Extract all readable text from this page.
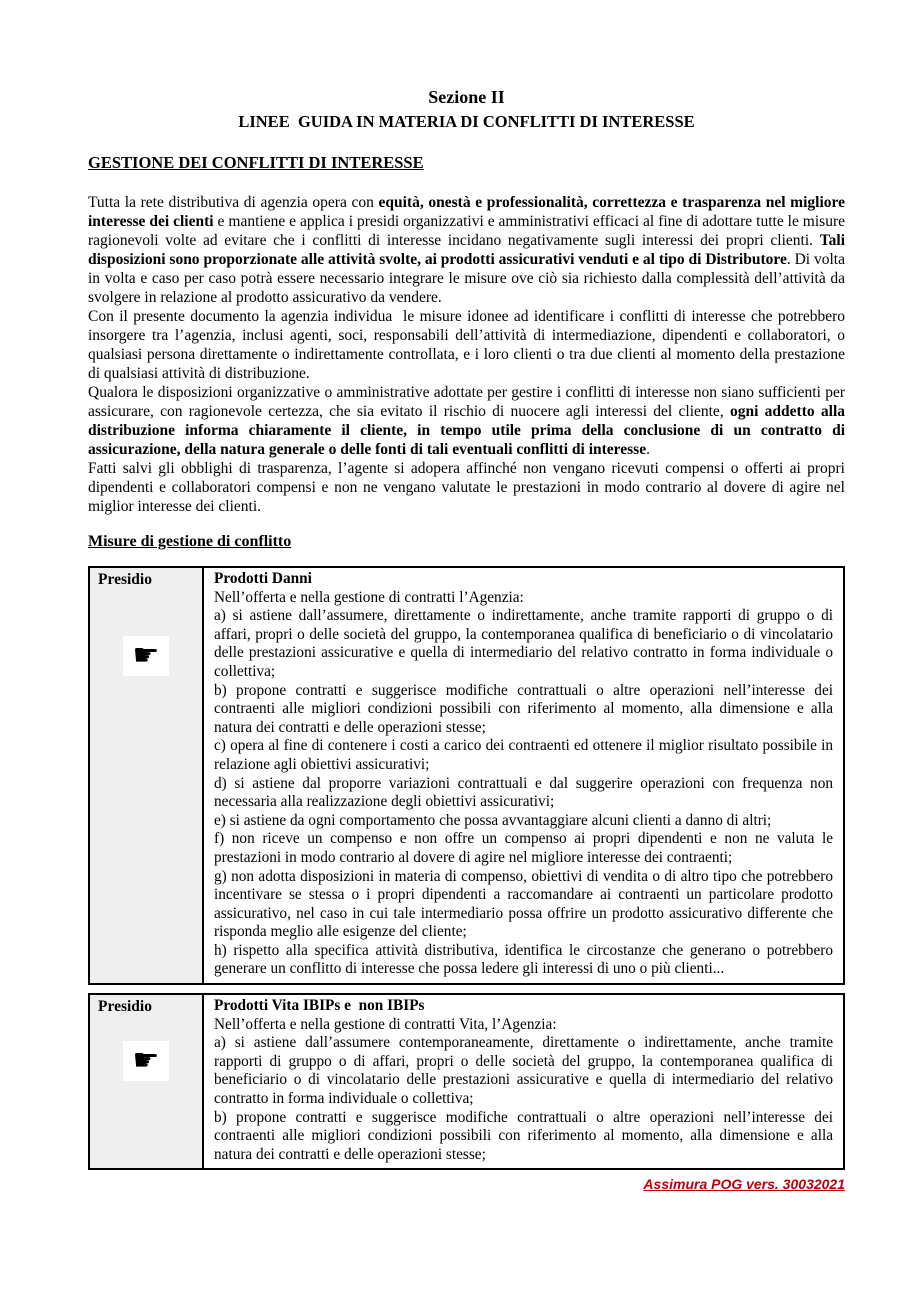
Sezione II
LINEE  GUIDA IN MATERIA DI CONFLITTI DI INTERESSE
GESTIONE DEI CONFLITTI DI INTERESSE

Tutta la rete distributiva di agenzia opera con equità, onestà e professionalità, correttezza e trasparenza nel migliore interesse dei clienti e mantiene e applica i presidi organizzativi e amministrativi efficaci al fine di adottare tutte le misure ragionevoli volte ad evitare che i conflitti di interesse incidano negativamente sugli interessi dei propri clienti. Tali disposizioni sono proporzionate alle attività svolte, ai prodotti assicurativi venduti e al tipo di Distributore. Di volta in volta e caso per caso potrà essere necessario integrare le misure ove ciò sia richiesto dalla complessità dell’attività da svolgere in relazione al prodotto assicurativo da vendere.

Con il presente documento la agenzia individua  le misure idonee ad identificare i conflitti di interesse che potrebbero insorgere tra l’agenzia, inclusi agenti, soci, responsabili dell’attività di intermediazione, dipendenti e collaboratori, o qualsiasi persona direttamente o indirettamente controllata, e i loro clienti o tra due clienti al momento della prestazione di qualsiasi attività di distribuzione.

Qualora le disposizioni organizzative o amministrative adottate per gestire i conflitti di interesse non siano sufficienti per assicurare, con ragionevole certezza, che sia evitato il rischio di nuocere agli interessi del cliente, ogni addetto alla distribuzione informa chiaramente il cliente, in tempo utile prima della conclusione di un contratto di assicurazione, della natura generale o delle fonti di tali eventuali conflitti di interesse.

Fatti salvi gli obblighi di trasparenza, l’agente si adopera affinché non vengano ricevuti compensi o offerti ai propri dipendenti e collaboratori compensi e non ne vengano valutate le prestazioni in modo contrario al dovere di agire nel miglior interesse dei clienti.

Misure di gestione di conflitto
Presidio
☛

Prodotti Danni
Nell’offerta e nella gestione di contratti l’Agenzia:
a) si astiene dall’assumere, direttamente o indirettamente, anche tramite rapporti di gruppo o di affari, propri o delle società del gruppo, la contemporanea qualifica di beneficiario o di vincolatario delle prestazioni assicurative e quella di intermediario del relativo contratto in forma individuale o collettiva;
b) propone contratti e suggerisce modifiche contrattuali o altre operazioni nell’interesse dei contraenti alle migliori condizioni possibili con riferimento al momento, alla dimensione e alla natura dei contratti e delle operazioni stesse;
c) opera al fine di contenere i costi a carico dei contraenti ed ottenere il miglior risultato possibile in relazione agli obiettivi assicurativi;
d) si astiene dal proporre variazioni contrattuali e dal suggerire operazioni con frequenza non necessaria alla realizzazione degli obiettivi assicurativi;
e) si astiene da ogni comportamento che possa avvantaggiare alcuni clienti a danno di altri;
f) non riceve un compenso e non offre un compenso ai propri dipendenti e non ne valuta le prestazioni in modo contrario al dovere di agire nel migliore interesse dei contraenti;
g) non adotta disposizioni in materia di compenso, obiettivi di vendita o di altro tipo che potrebbero incentivare se stessa o i propri dipendenti a raccomandare ai contraenti un particolare prodotto assicurativo, nel caso in cui tale intermediario possa offrire un prodotto assicurativo differente che risponda meglio alle esigenze del cliente;
h) rispetto alla specifica attività distributiva, identifica le circostanze che generano o potrebbero generare un conflitto di interesse che possa ledere gli interessi di uno o più clienti...
Presidio
☛

Prodotti Vita IBIPs e  non IBIPs
Nell’offerta e nella gestione di contratti Vita, l’Agenzia:
a) si astiene dall’assumere contemporaneamente, direttamente o indirettamente, anche tramite rapporti di gruppo o di affari, propri o delle società del gruppo, la contemporanea qualifica di beneficiario o di vincolatario delle prestazioni assicurative e quella di intermediario del relativo contratto in forma individuale o collettiva;
b) propone contratti e suggerisce modifiche contrattuali o altre operazioni nell’interesse dei contraenti alle migliori condizioni possibili con riferimento al momento, alla dimensione e alla natura dei contratti e delle operazioni stesse;
Assimura POG vers. 30032021
